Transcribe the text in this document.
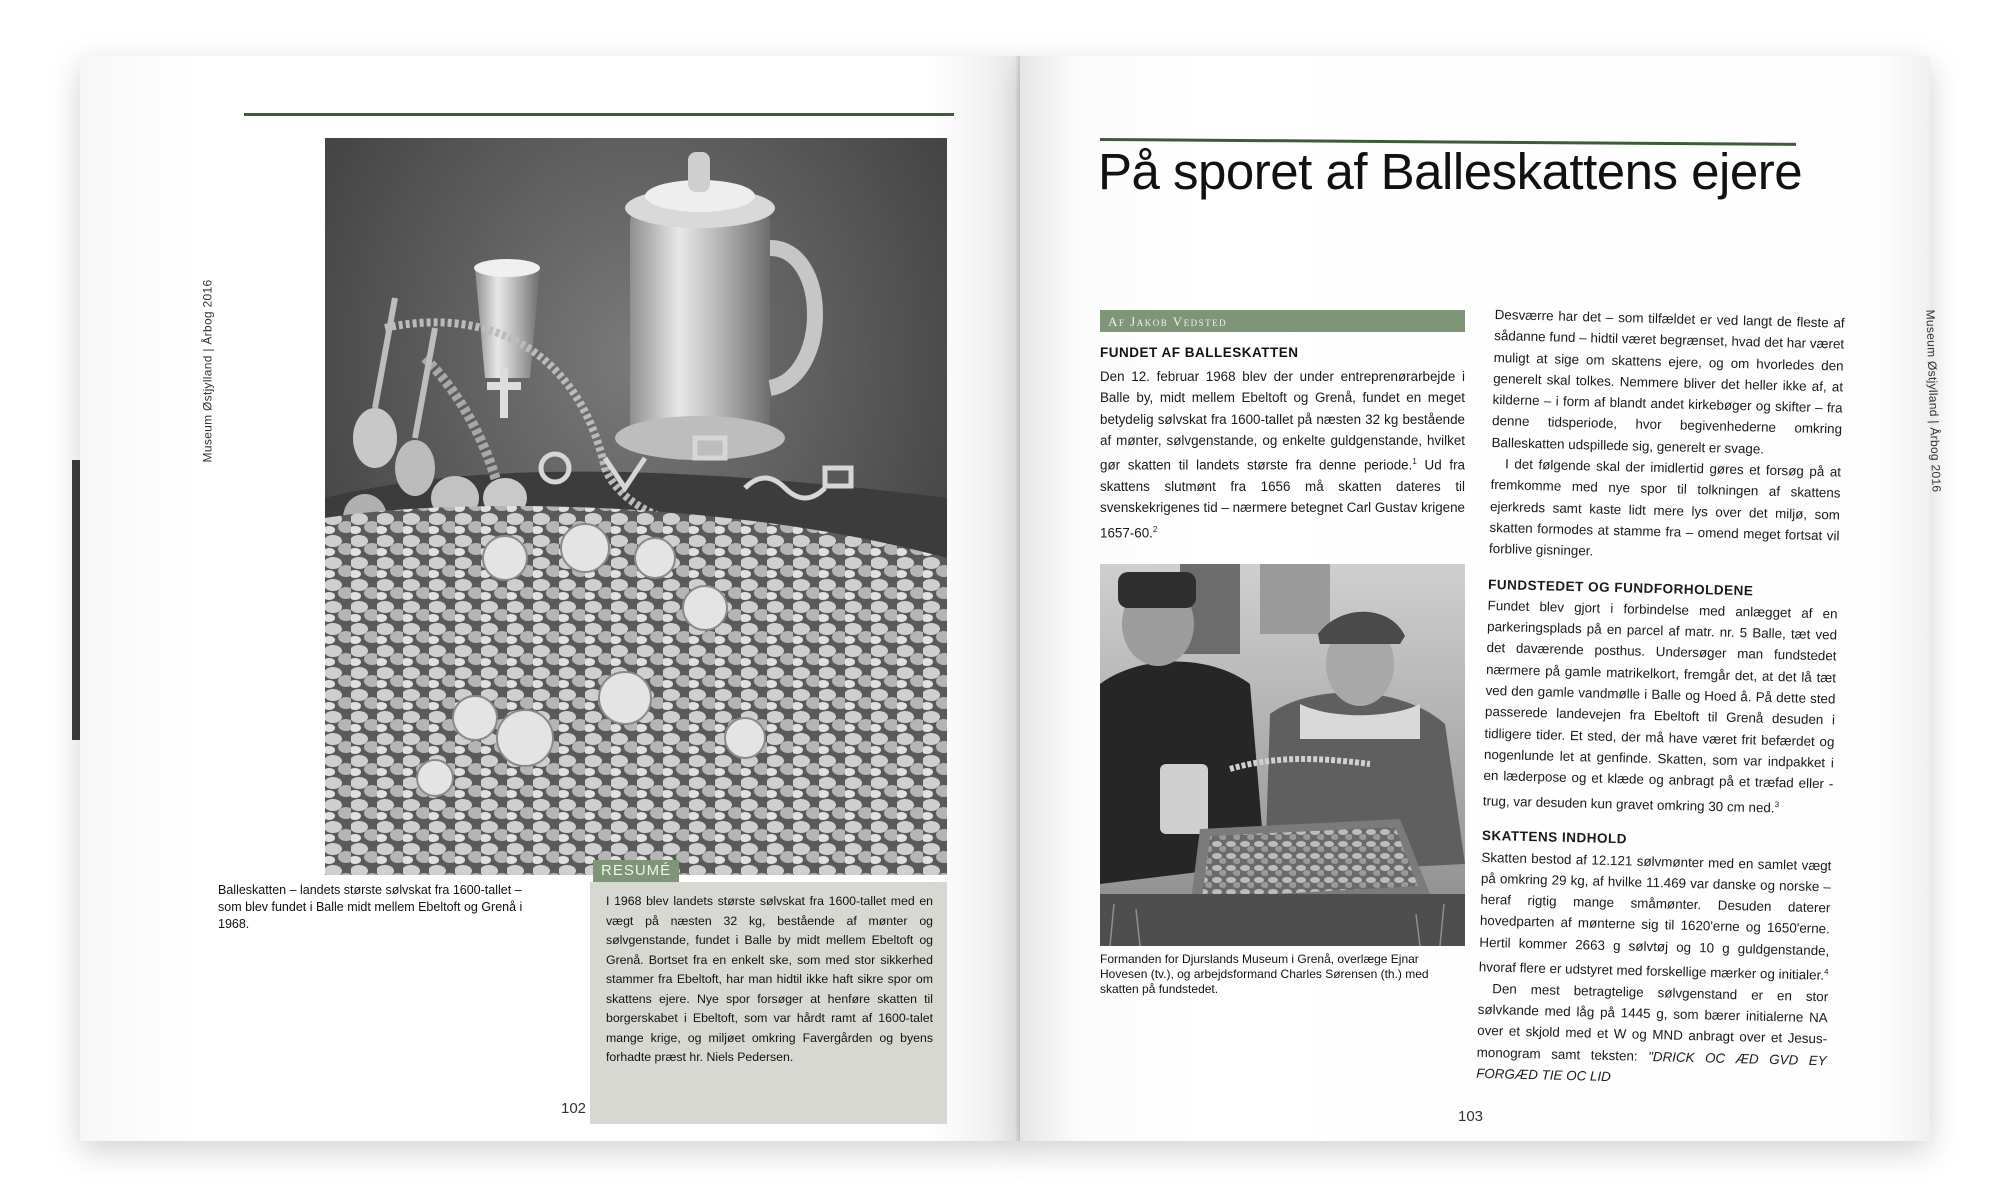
Museum Østjylland | Årbog 2016
Balleskatten – landets største sølvskat fra 1600-tallet – som blev fundet i Balle midt mellem Ebeltoft og Grenå i 1968.
RESUMÉ
I 1968 blev landets største sølvskat fra 1600-tallet med en vægt på næsten 32 kg, bestående af mønter og sølvgenstande, fundet i Balle by midt mellem Ebeltoft og Grenå. Bortset fra en enkelt ske, som med stor sikkerhed stammer fra Ebeltoft, har man hidtil ikke haft sikre spor om skattens ejere. Nye spor forsøger at henføre skatten til borgerskabet i Ebeltoft, som var hårdt ramt af 1600-talet mange krige, og miljøet omkring Favergården og byens forhadte præst hr. Niels Pedersen.
102
På sporet af Balleskattens ejere
Museum Østjylland | Årbog 2016
Af Jakob Vedsted
FUNDET AF BALLESKATTEN

Den 12. februar 1968 blev der under entreprenørarbejde i Balle by, midt mellem Ebeltoft og Grenå, fundet en meget betydelig sølvskat fra 1600-tallet på næsten 32 kg bestående af mønter, sølvgenstande, og enkelte guldgenstande, hvilket gør skatten til landets største fra denne periode.$^1$ Ud fra skattens slutmønt fra 1656 må skatten dateres til svenskekrigenes tid – nærmere betegnet Carl Gustav krigene 1657-60.$^2$

Formanden for Djurslands Museum i Grenå, overlæge Ejnar Hovesen (tv.), og arbejdsformand Charles Sørensen (th.) med skatten på fundstedet.

Desværre har det – som tilfældet er ved langt de fleste af sådanne fund – hidtil været begrænset, hvad det har været muligt at sige om skattens ejere, og om hvorledes den generelt skal tolkes. Nemmere bliver det heller ikke af, at kilderne – i form af blandt andet kirkebøger og skifter – fra denne tidsperiode, hvor begivenhederne omkring Balleskatten udspillede sig, generelt er svage.

I det følgende skal der imidlertid gøres et forsøg på at fremkomme med nye spor til tolkningen af skattens ejerkreds samt kaste lidt mere lys over det miljø, som skatten formodes at stamme fra – omend meget fortsat vil forblive gisninger.

FUNDSTEDET OG FUNDFORHOLDENE

Fundet blev gjort i forbindelse med anlægget af en parkeringsplads på en parcel af matr. nr. 5 Balle, tæt ved det daværende posthus. Undersøger man fundstedet nærmere på gamle matrikelkort, fremgår det, at det lå tæt ved den gamle vandmølle i Balle og Hoed å. På dette sted passerede landevejen fra Ebeltoft til Grenå desuden i tidligere tider. Et sted, der må have været frit befærdet og nogenlunde let at genfinde. Skatten, som var indpakket i en læderpose og et klæde og anbragt på et træfad eller -trug, var desuden kun gravet omkring 30 cm ned.$^3$

SKATTENS INDHOLD

Skatten bestod af 12.121 sølvmønter med en samlet vægt på omkring 29 kg, af hvilke 11.469 var danske og norske – heraf rigtig mange småmønter. Desuden daterer hovedparten af mønterne sig til 1620'erne og 1650'erne. Hertil kommer 2663 g sølvtøj og 10 g guldgenstande, hvoraf flere er udstyret med forskellige mærker og initialer.$^4$

Den mest betragtelige sølvgenstand er en stor sølvkande med låg på 1445 g, som bærer initialerne NA over et skjold med et W og MND anbragt over et Jesus-monogram samt teksten: "DRICK OC ÆD GVD EY FORGÆD TIE OC LID

103
